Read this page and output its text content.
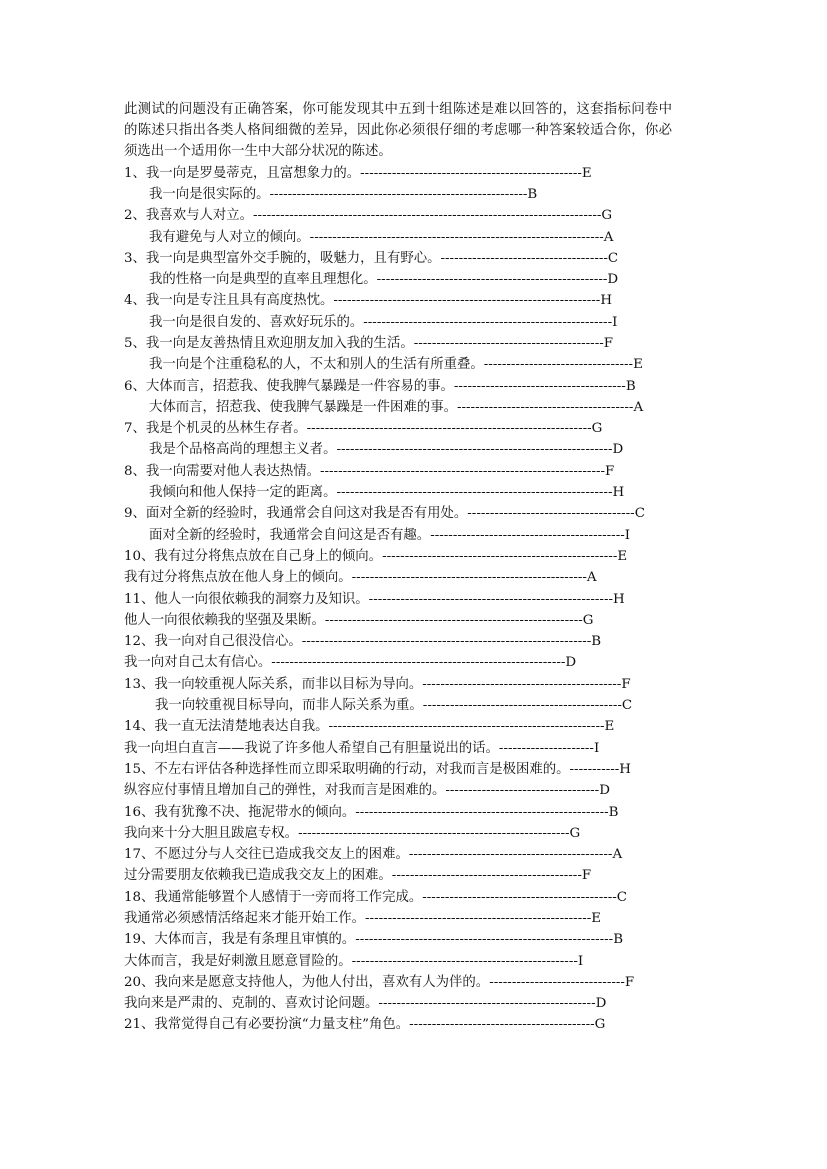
此测试的问题没有正确答案，你可能发现其中五到十组陈述是难以回答的，这套指标问卷中的陈述只指出各类人格间细微的差异，因此你必须很仔细的考虑哪一种答案较适合你，你必须选出一个适用你一生中大部分状况的陈述。

1、我一向是罗曼蒂克，且富想象力的。-------------------------------------------------E
我一向是很实际的。---------------------------------------------------------B
2、我喜欢与人对立。-----------------------------------------------------------------------------G
我有避免与人对立的倾向。-----------------------------------------------------------------A
3、我一向是典型富外交手腕的，吸魅力，且有野心。-------------------------------------C
我的性格一向是典型的直率且理想化。---------------------------------------------------D
4、我一向是专注且具有高度热忱。-----------------------------------------------------------H
我一向是很自发的、喜欢好玩乐的。-------------------------------------------------------I
5、我一向是友善热情且欢迎朋友加入我的生活。------------------------------------------F
我一向是个注重稳私的人，不太和别人的生活有所重叠。---------------------------------E
6、大体而言，招惹我、使我脾气暴躁是一件容易的事。--------------------------------------B
大体而言，招惹我、使我脾气暴躁是一件困难的事。---------------------------------------A
7、我是个机灵的丛林生存者。---------------------------------------------------------------G
我是个品格高尚的理想主义者。-------------------------------------------------------------D
8、我一向需要对他人表达热情。---------------------------------------------------------------F
我倾向和他人保持一定的距离。-------------------------------------------------------------H
9、面对全新的经验时，我通常会自问这对我是否有用处。-------------------------------------C
面对全新的经验时，我通常会自问这是否有趣。-------------------------------------------I
10、我有过分将焦点放在自己身上的倾向。----------------------------------------------------E
我有过分将焦点放在他人身上的倾向。----------------------------------------------------A
11、他人一向很依赖我的洞察力及知识。------------------------------------------------------H
他人一向很依赖我的坚强及果断。---------------------------------------------------------G
12、我一向对自己很没信心。----------------------------------------------------------------B
我一向对自己太有信心。-----------------------------------------------------------------D
13、我一向较重视人际关系，而非以目标为导向。--------------------------------------------F
我一向较重视目标导向，而非人际关系为重。--------------------------------------------C
14、我一直无法清楚地表达自我。-------------------------------------------------------------E
我一向坦白直言——我说了许多他人希望自己有胆量说出的话。---------------------I
15、不左右评估各种选择性而立即采取明确的行动，对我而言是极困难的。-----------H
纵容应付事情且增加自己的弹性，对我而言是困难的。----------------------------------D
16、我有犹豫不决、拖泥带水的倾向。--------------------------------------------------------B
我向来十分大胆且跋扈专权。------------------------------------------------------------G
17、不愿过分与人交往已造成我交友上的困难。---------------------------------------------A
过分需要朋友依赖我已造成我交友上的困难。------------------------------------------F
18、我通常能够置个人感情于一旁而将工作完成。-------------------------------------------C
我通常必须感情活络起来才能开始工作。--------------------------------------------------E
19、大体而言，我是有条理且审慎的。---------------------------------------------------------B
大体而言，我是好刺激且愿意冒险的。--------------------------------------------------I
20、我向来是愿意支持他人，为他人付出，喜欢有人为伴的。------------------------------F
我向来是严肃的、克制的、喜欢讨论问题。------------------------------------------------D
21、我常觉得自己有必要扮演“力量支柱”角色。-----------------------------------------G
